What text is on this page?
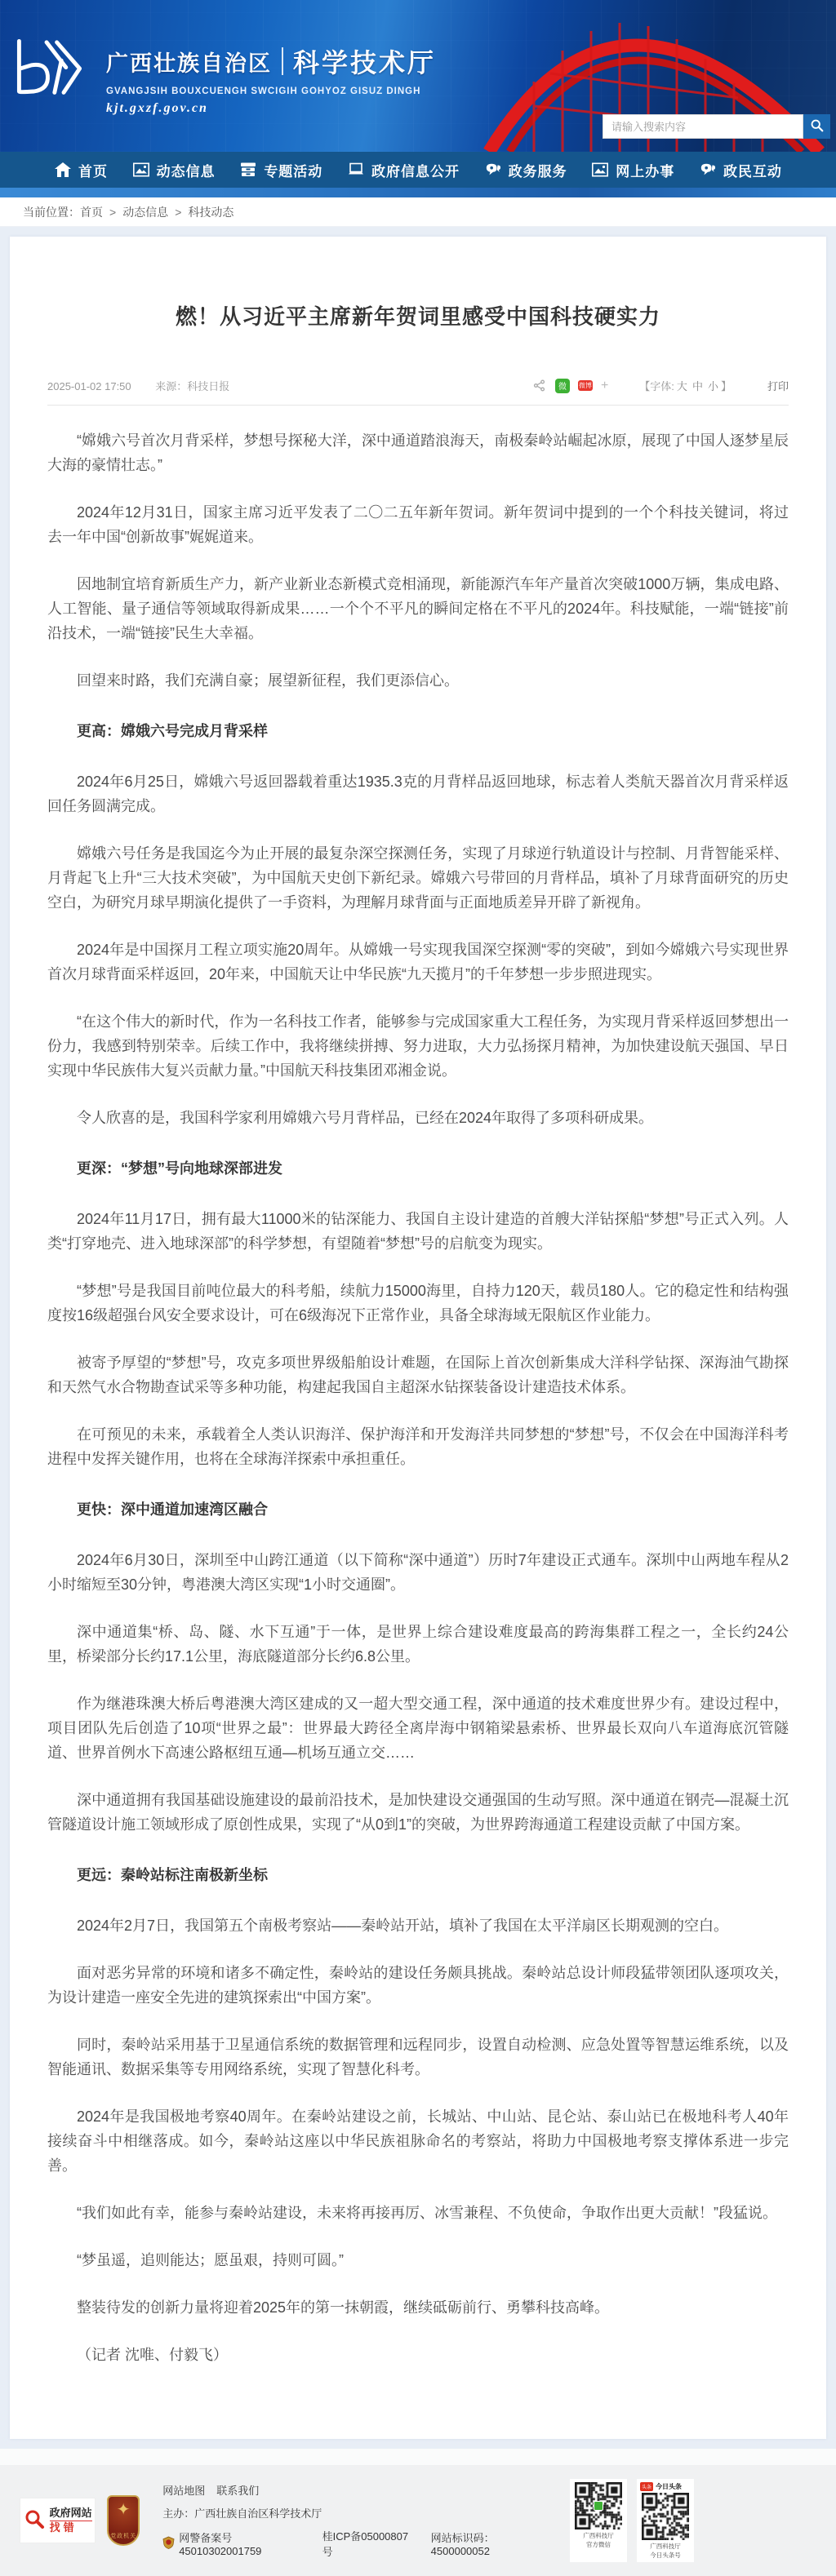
广西壮族自治区 科学技术厅
GVANGJSIH BOUXCUENGH SWCIGIH GOHYOZ GISUZ DINGH
kjt.gxzf.gov.cn
请输入搜索内容
首页	动态信息	专题活动	政府信息公开	政务服务	网上办事	政民互动
当前位置： 首页 > 动态信息 > 科技动态
燃！从习近平主席新年贺词里感受中国科技硬实力
2025-01-02 17:50 来源：科技日报	微	微博 +	【字体: 大 中 小 】	打印

“嫦娥六号首次月背采样，梦想号探秘大洋，深中通道踏浪海天，南极秦岭站崛起冰原，展现了中国人逐梦星辰大海的豪情壮志。”

2024年12月31日，国家主席习近平发表了二〇二五年新年贺词。新年贺词中提到的一个个科技关键词，将过去一年中国“创新故事”娓娓道来。

因地制宜培育新质生产力，新产业新业态新模式竞相涌现，新能源汽车年产量首次突破1000万辆，集成电路、人工智能、量子通信等领域取得新成果……一个个不平凡的瞬间定格在不平凡的2024年。科技赋能，一端“链接”前沿技术，一端“链接”民生大幸福。

回望来时路，我们充满自豪；展望新征程，我们更添信心。

更高：嫦娥六号完成月背采样

2024年6月25日，嫦娥六号返回器载着重达1935.3克的月背样品返回地球，标志着人类航天器首次月背采样返回任务圆满完成。

嫦娥六号任务是我国迄今为止开展的最复杂深空探测任务，实现了月球逆行轨道设计与控制、月背智能采样、月背起飞上升“三大技术突破”，为中国航天史创下新纪录。嫦娥六号带回的月背样品，填补了月球背面研究的历史空白，为研究月球早期演化提供了一手资料，为理解月球背面与正面地质差异开辟了新视角。

2024年是中国探月工程立项实施20周年。从嫦娥一号实现我国深空探测“零的突破”，到如今嫦娥六号实现世界首次月球背面采样返回，20年来，中国航天让中华民族“九天揽月”的千年梦想一步步照进现实。

“在这个伟大的新时代，作为一名科技工作者，能够参与完成国家重大工程任务，为实现月背采样返回梦想出一份力，我感到特别荣幸。后续工作中，我将继续拼搏、努力进取，大力弘扬探月精神，为加快建设航天强国、早日实现中华民族伟大复兴贡献力量。”中国航天科技集团邓湘金说。

令人欣喜的是，我国科学家利用嫦娥六号月背样品，已经在2024年取得了多项科研成果。

更深：“梦想”号向地球深部进发

2024年11月17日，拥有最大11000米的钻深能力、我国自主设计建造的首艘大洋钻探船“梦想”号正式入列。人类“打穿地壳、进入地球深部”的科学梦想，有望随着“梦想”号的启航变为现实。

“梦想”号是我国目前吨位最大的科考船，续航力15000海里，自持力120天，载员180人。它的稳定性和结构强度按16级超强台风安全要求设计，可在6级海况下正常作业，具备全球海域无限航区作业能力。

被寄予厚望的“梦想”号，攻克多项世界级船舶设计难题，在国际上首次创新集成大洋科学钻探、深海油气勘探和天然气水合物勘查试采等多种功能，构建起我国自主超深水钻探装备设计建造技术体系。

在可预见的未来，承载着全人类认识海洋、保护海洋和开发海洋共同梦想的“梦想”号，不仅会在中国海洋科考进程中发挥关键作用，也将在全球海洋探索中承担重任。

更快：深中通道加速湾区融合

2024年6月30日，深圳至中山跨江通道（以下简称“深中通道”）历时7年建设正式通车。深圳中山两地车程从2小时缩短至30分钟，粤港澳大湾区实现“1小时交通圈”。

深中通道集“桥、岛、隧、水下互通”于一体，是世界上综合建设难度最高的跨海集群工程之一，全长约24公里，桥梁部分长约17.1公里，海底隧道部分长约6.8公里。

作为继港珠澳大桥后粤港澳大湾区建成的又一超大型交通工程，深中通道的技术难度世界少有。建设过程中，项目团队先后创造了10项“世界之最”：世界最大跨径全离岸海中钢箱梁悬索桥、世界最长双向八车道海底沉管隧道、世界首例水下高速公路枢纽互通—机场互通立交……

深中通道拥有我国基础设施建设的最前沿技术，是加快建设交通强国的生动写照。深中通道在钢壳—混凝土沉管隧道设计施工领域形成了原创性成果，实现了“从0到1”的突破，为世界跨海通道工程建设贡献了中国方案。

更远：秦岭站标注南极新坐标

2024年2月7日，我国第五个南极考察站——秦岭站开站，填补了我国在太平洋扇区长期观测的空白。

面对恶劣异常的环境和诸多不确定性，秦岭站的建设任务颇具挑战。秦岭站总设计师段猛带领团队逐项攻关，为设计建造一座安全先进的建筑探索出“中国方案”。

同时，秦岭站采用基于卫星通信系统的数据管理和远程同步，设置自动检测、应急处置等智慧运维系统，以及智能通讯、数据采集等专用网络系统，实现了智慧化科考。

2024年是我国极地考察40周年。在秦岭站建设之前，长城站、中山站、昆仑站、泰山站已在极地科考人40年接续奋斗中相继落成。如今，秦岭站这座以中华民族祖脉命名的考察站，将助力中国极地考察支撑体系进一步完善。

“我们如此有幸，能参与秦岭站建设，未来将再接再厉、冰雪兼程、不负使命，争取作出更大贡献！”段猛说。

“梦虽遥，追则能达；愿虽艰，持则可圆。”

整装待发的创新力量将迎着2025年的第一抹朝霞，继续砥砺前行、勇攀科技高峰。

（记者 沈唯、付毅飞）

政府网站
找错
✦
党政机关
网站地图 联系我们
主办：广西壮族自治区科学技术厅
网警备案号45010302001759
桂ICP备05000807号
网站标识码：4500000052
广西科技厅
官方微信
头条 今日头条
广西科技厅
今日头条号
